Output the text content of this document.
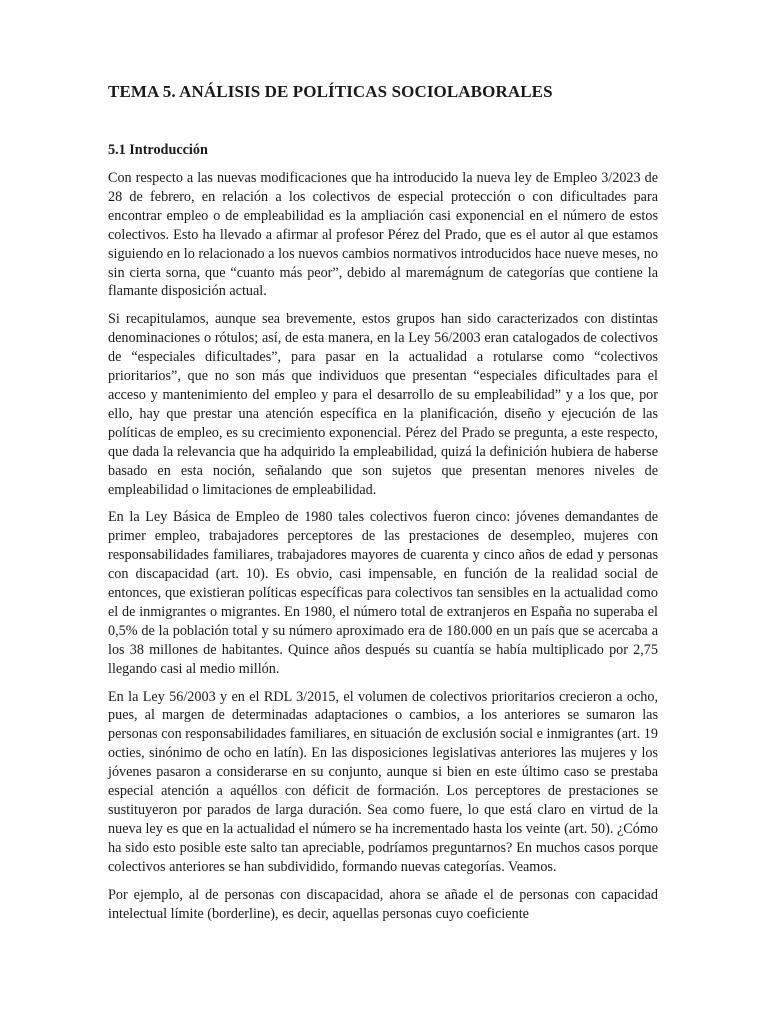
TEMA 5. ANÁLISIS DE POLÍTICAS SOCIOLABORALES
5.1 Introducción

Con respecto a las nuevas modificaciones que ha introducido la nueva ley de Empleo 3/2023 de 28 de febrero, en relación a los colectivos de especial protección o con dificultades para encontrar empleo o de empleabilidad es la ampliación casi exponencial en el número de estos colectivos. Esto ha llevado a afirmar al profesor Pérez del Prado, que es el autor al que estamos siguiendo en lo relacionado a los nuevos cambios normativos introducidos hace nueve meses, no sin cierta sorna, que “cuanto más peor”, debido al maremágnum de categorías que contiene la flamante disposición actual.

Si recapitulamos, aunque sea brevemente, estos grupos han sido caracterizados con distintas denominaciones o rótulos; así, de esta manera, en la Ley 56/2003 eran catalogados de colectivos de “especiales dificultades”, para pasar en la actualidad a rotularse como “colectivos prioritarios”, que no son más que individuos que presentan “especiales dificultades para el acceso y mantenimiento del empleo y para el desarrollo de su empleabilidad” y a los que, por ello, hay que prestar una atención específica en la planificación, diseño y ejecución de las políticas de empleo, es su crecimiento exponencial. Pérez del Prado se pregunta, a este respecto, que dada la relevancia que ha adquirido la empleabilidad, quizá la definición hubiera de haberse basado en esta noción, señalando que son sujetos que presentan menores niveles de empleabilidad o limitaciones de empleabilidad.

En la Ley Básica de Empleo de 1980 tales colectivos fueron cinco: jóvenes demandantes de primer empleo, trabajadores perceptores de las prestaciones de desempleo, mujeres con responsabilidades familiares, trabajadores mayores de cuarenta y cinco años de edad y personas con discapacidad (art. 10). Es obvio, casi impensable, en función de la realidad social de entonces, que existieran políticas específicas para colectivos tan sensibles en la actualidad como el de inmigrantes o migrantes. En 1980, el número total de extranjeros en España no superaba el 0,5% de la población total y su número aproximado era de 180.000 en un país que se acercaba a los 38 millones de habitantes. Quince años después su cuantía se había multiplicado por 2,75 llegando casi al medio millón.

En la Ley 56/2003 y en el RDL 3/2015, el volumen de colectivos prioritarios crecieron a ocho, pues, al margen de determinadas adaptaciones o cambios, a los anteriores se sumaron las personas con responsabilidades familiares, en situación de exclusión social e inmigrantes (art. 19 octies, sinónimo de ocho en latín). En las disposiciones legislativas anteriores las mujeres y los jóvenes pasaron a considerarse en su conjunto, aunque si bien en este último caso se prestaba especial atención a aquéllos con déficit de formación. Los perceptores de prestaciones se sustituyeron por parados de larga duración. Sea como fuere, lo que está claro en virtud de la nueva ley es que en la actualidad el número se ha incrementado hasta los veinte (art. 50). ¿Cómo ha sido esto posible este salto tan apreciable, podríamos preguntarnos? En muchos casos porque colectivos anteriores se han subdividido, formando nuevas categorías. Veamos.

Por ejemplo, al de personas con discapacidad, ahora se añade el de personas con capacidad intelectual límite (borderline), es decir, aquellas personas cuyo coeficiente
